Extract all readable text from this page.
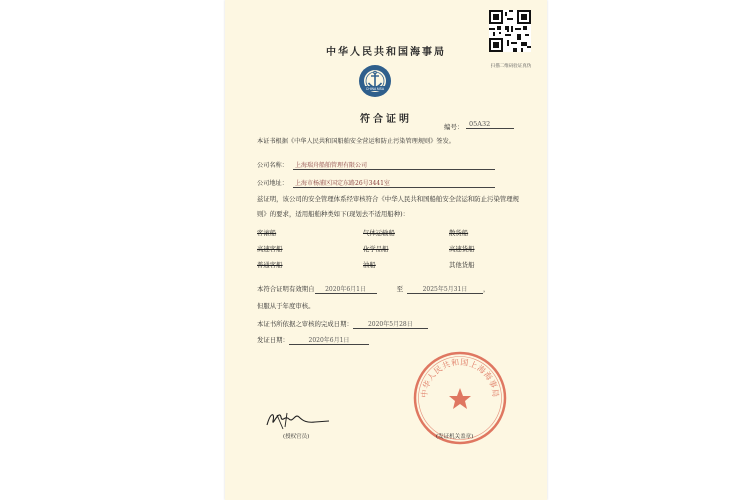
中华人民共和国海事局
扫描二维码验证真伪
CHINA MSA
符合证明
编号： 05A32
本证书根据《中华人民共和国船舶安全营运和防止污染管理规则》签发。
公司名称： 上海瑞舟船舶管理有限公司
公司地址： 上海市杨浦区国定东路26号3441室
兹证明，该公司的安全管理体系经审核符合《中华人民共和国船舶安全营运和防止污染管理规则》的要求，适用船舶种类如下(现划去不适用船种)：
客滚船	气体运输船	散货船
高速客船	化学品船	高速货船
普通客船	油船	其他货船
本符合证明有效期自 2020年6月1日	至	2025年5月31日 ，
但服从于年度审核。
本证书所依据之审核的完成日期：	2020年5月28日
发证日期：	2020年6月1日
(授权官员)
中华人民共和国上海海事局
(发证机关盖章)
